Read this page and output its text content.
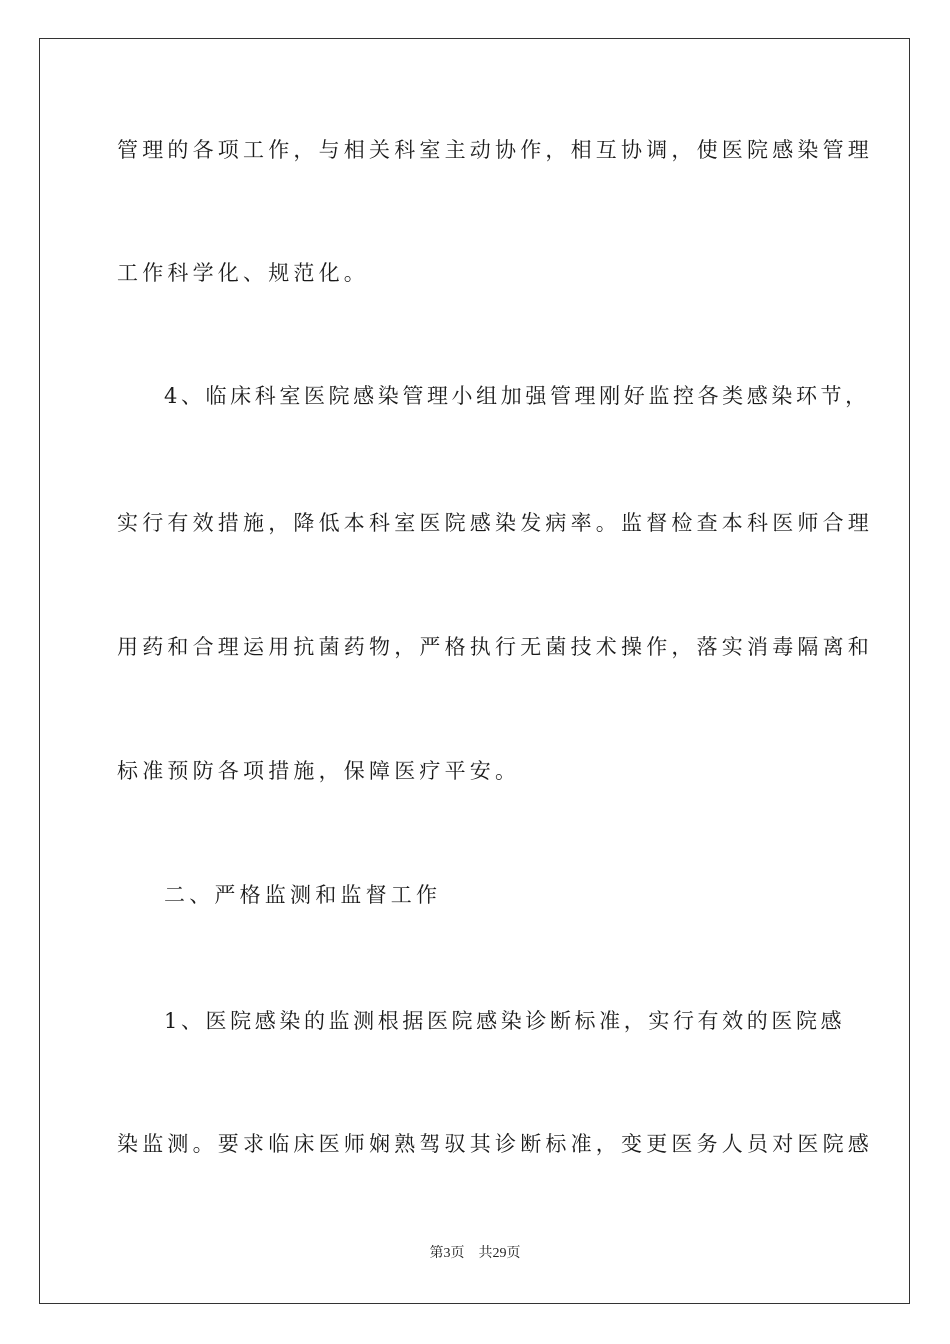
管理的各项工作，与相关科室主动协作，相互协调，使医院感染管理
工作科学化、规范化。
4、临床科室医院感染管理小组加强管理刚好监控各类感染环节，
实行有效措施，降低本科室医院感染发病率。监督检查本科医师合理
用药和合理运用抗菌药物，严格执行无菌技术操作，落实消毒隔离和
标准预防各项措施，保障医疗平安。
二、严格监测和监督工作
1、医院感染的监测根据医院感染诊断标准，实行有效的医院感
染监测。要求临床医师娴熟驾驭其诊断标准，变更医务人员对医院感
第3页 共29页
